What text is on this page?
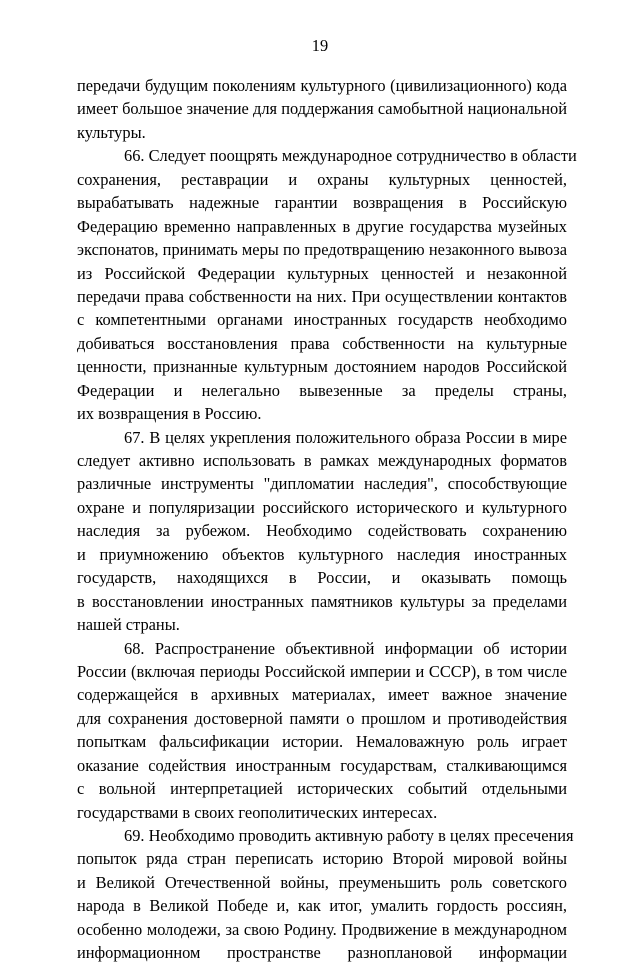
19
передачи будущим поколениям культурного (цивилизационного) кода
имеет большое значение для поддержания самобытной национальной
культуры.
66. Следует поощрять международное сотрудничество в области
сохранения, реставрации и охраны культурных ценностей,
вырабатывать надежные гарантии возвращения в Российскую
Федерацию временно направленных в другие государства музейных
экспонатов, принимать меры по предотвращению незаконного вывоза
из Российской Федерации культурных ценностей и незаконной
передачи права собственности на них. При осуществлении контактов
с компетентными органами иностранных государств необходимо
добиваться восстановления права собственности на культурные
ценности, признанные культурным достоянием народов Российской
Федерации и нелегально вывезенные за пределы страны,
их возвращения в Россию.
67. В целях укрепления положительного образа России в мире
следует активно использовать в рамках международных форматов
различные инструменты "дипломатии наследия", способствующие
охране и популяризации российского исторического и культурного
наследия за рубежом. Необходимо содействовать сохранению
и приумножению объектов культурного наследия иностранных
государств, находящихся в России, и оказывать помощь
в восстановлении иностранных памятников культуры за пределами
нашей страны.
68. Распространение объективной информации об истории
России (включая периоды Российской империи и СССР), в том числе
содержащейся в архивных материалах, имеет важное значение
для сохранения достоверной памяти о прошлом и противодействия
попыткам фальсификации истории. Немаловажную роль играет
оказание содействия иностранным государствам, сталкивающимся
с вольной интерпретацией исторических событий отдельными
государствами в своих геополитических интересах.
69. Необходимо проводить активную работу в целях пресечения
попыток ряда стран переписать историю Второй мировой войны
и Великой Отечественной войны, преуменьшить роль советского
народа в Великой Победе и, как итог, умалить гордость россиян,
особенно молодежи, за свою Родину. Продвижение в международном
информационном пространстве разноплановой информации
